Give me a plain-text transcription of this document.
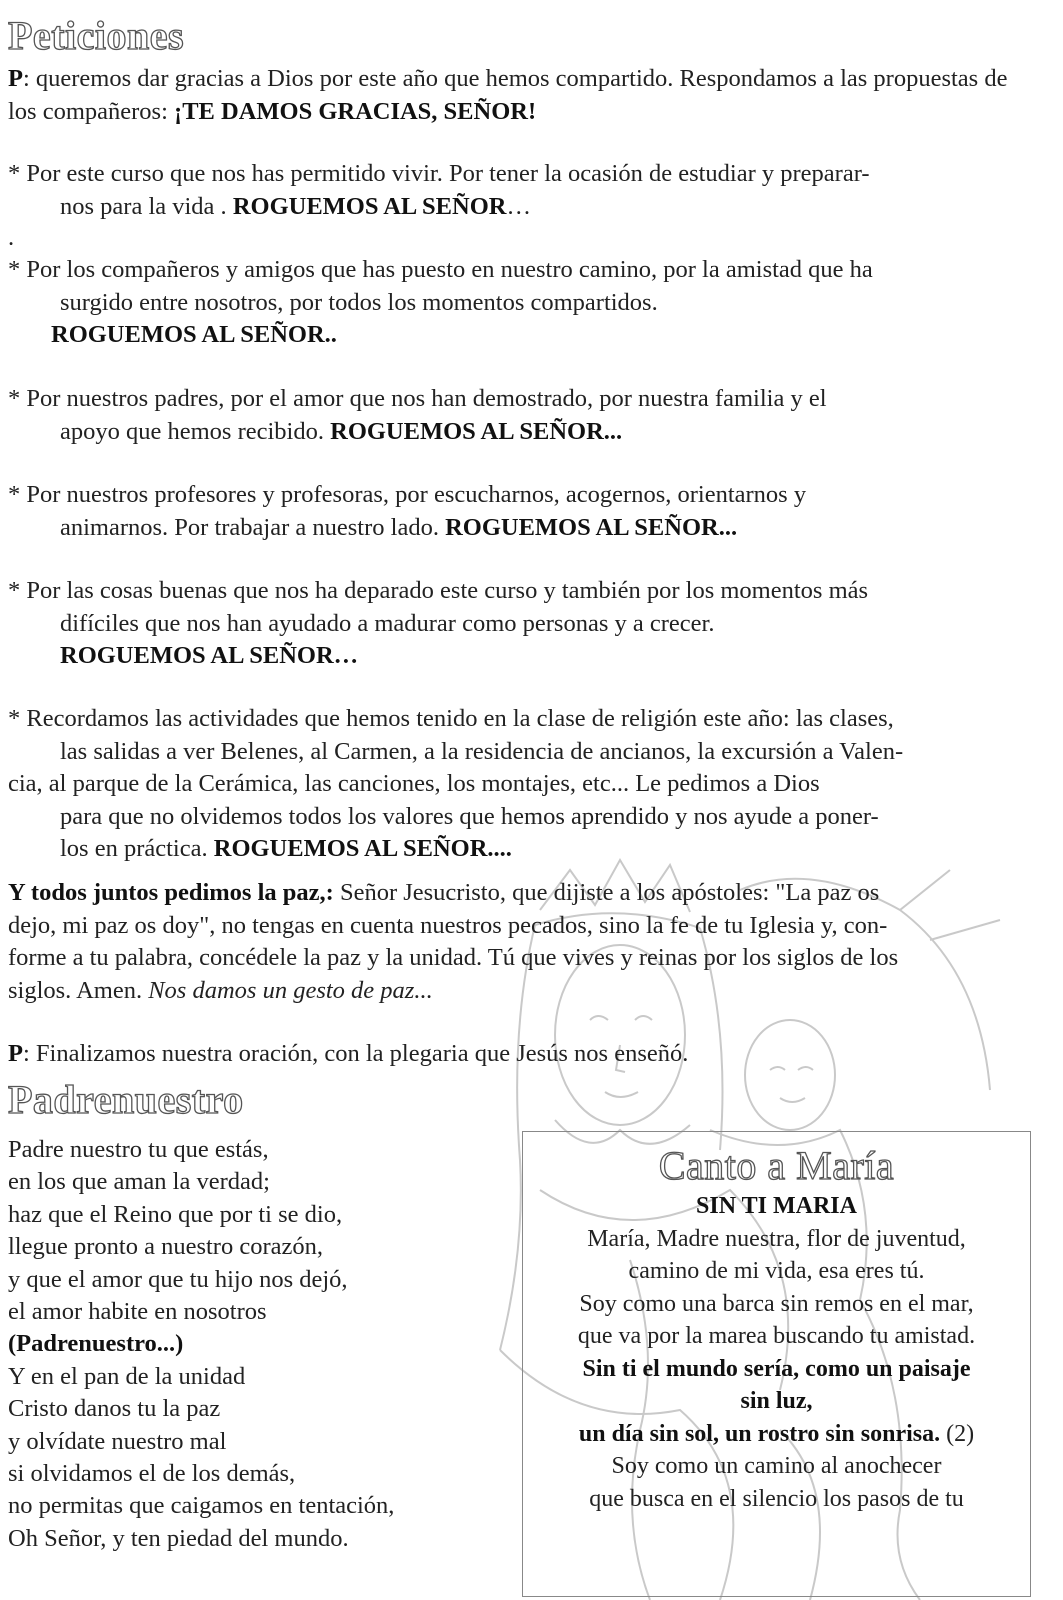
Peticiones

P: queremos dar gracias a Dios por este año que hemos compartido. Respondamos a las propuestas de los compañeros: ¡TE DAMOS GRACIAS, SEÑOR!

* Por este curso que nos has permitido vivir. Por tener la ocasión de estudiar y preparar-
nos para la vida . ROGUEMOS AL SEÑOR…

.

* Por los compañeros y amigos que has puesto en nuestro camino, por la amistad que ha
surgido entre nosotros, por todos los momentos compartidos.
ROGUEMOS AL SEÑOR..

* Por nuestros padres, por el amor que nos han demostrado, por nuestra familia y el
apoyo que hemos recibido. ROGUEMOS AL SEÑOR...

* Por nuestros profesores y profesoras, por escucharnos, acogernos, orientarnos y
animarnos. Por trabajar a nuestro lado. ROGUEMOS AL SEÑOR...

* Por las cosas buenas que nos ha deparado este curso y también por los momentos más
difíciles que nos han ayudado a madurar como personas y a crecer.
ROGUEMOS AL SEÑOR…

* Recordamos las actividades que hemos tenido en la clase de religión este año: las clases,
las salidas a ver Belenes, al Carmen, a la residencia de ancianos, la excursión a Valen-
cia, al parque de la Cerámica, las canciones, los montajes, etc... Le pedimos a Dios
para que no olvidemos todos los valores que hemos aprendido y nos ayude a poner-
los en práctica. ROGUEMOS AL SEÑOR....

Y todos juntos pedimos la paz,: Señor Jesucristo, que dijiste a los apóstoles: "La paz os
dejo, mi paz os doy", no tengas en cuenta nuestros pecados, sino la fe de tu Iglesia y, con-
forme a tu palabra, concédele la paz y la unidad. Tú que vives y reinas por los siglos de los
siglos. Amen. Nos damos un gesto de paz...

P: Finalizamos nuestra oración, con la plegaria que Jesús nos enseñó.

Padrenuestro
Padre nuestro tu que estás,
en los que aman la verdad;
haz que el Reino que por ti se dio,
llegue pronto a nuestro corazón,
y que el amor que tu hijo nos dejó,
el amor habite en nosotros
(Padrenuestro...)
Y en el pan de la unidad
Cristo danos tu la paz
y olvídate nuestro mal
si olvidamos el de los demás,
no permitas que caigamos en tentación,
Oh Señor, y ten piedad del mundo.
Canto a María
SIN TI MARIA
María, Madre nuestra, flor de juventud,
camino de mi vida, esa eres tú.
Soy como una barca sin remos en el mar,
que va por la marea buscando tu amistad.
Sin ti el mundo sería, como un paisaje
sin luz,
un día sin sol, un rostro sin sonrisa. (2)
Soy como un camino al anochecer
que busca en el silencio los pasos de tu
